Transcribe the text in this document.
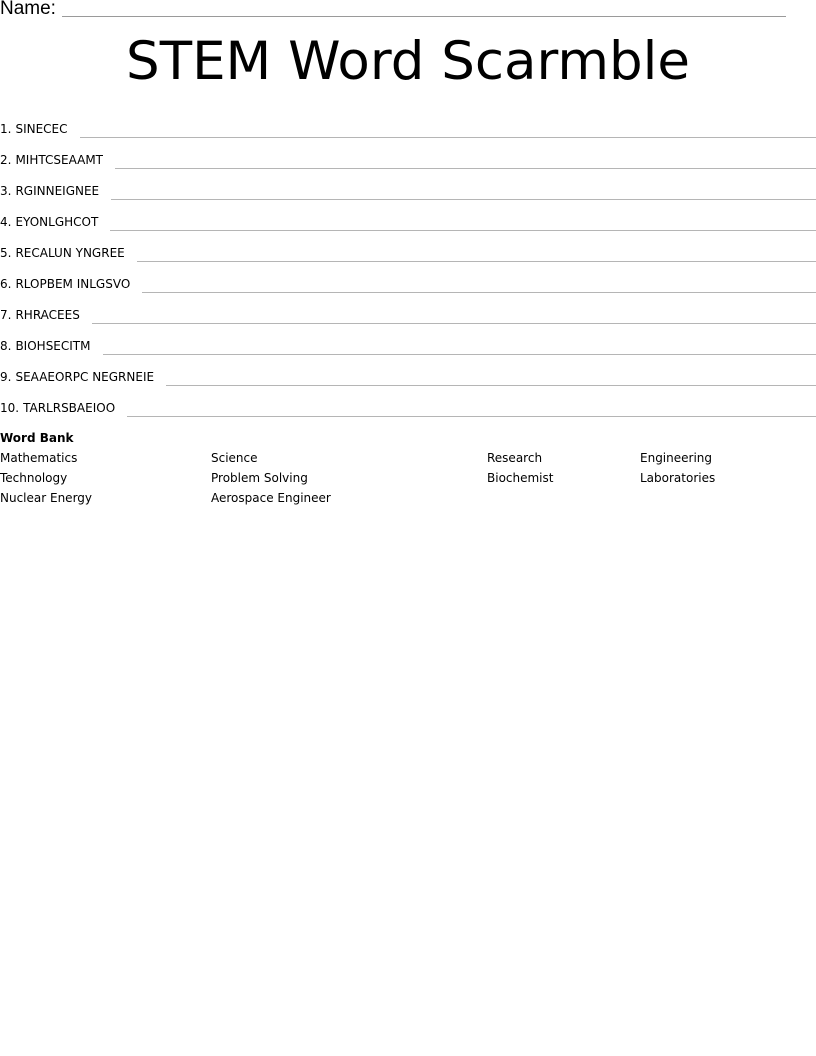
Name:
STEM Word Scarmble
1. SINECEC
2. MIHTCSEAAMT
3. RGINNEIGNEE
4. EYONLGHCOT
5. RECALUN YNGREE
6. RLOPBEM INLGSVO
7. RHRACEES
8. BIOHSECITM
9. SEAAEORPC NEGRNEIE
10. TARLRSBAEIOO
Word Bank
Mathematics	Science	Research	Engineering
Technology	Problem Solving	Biochemist	Laboratories
Nuclear Energy	Aerospace Engineer
